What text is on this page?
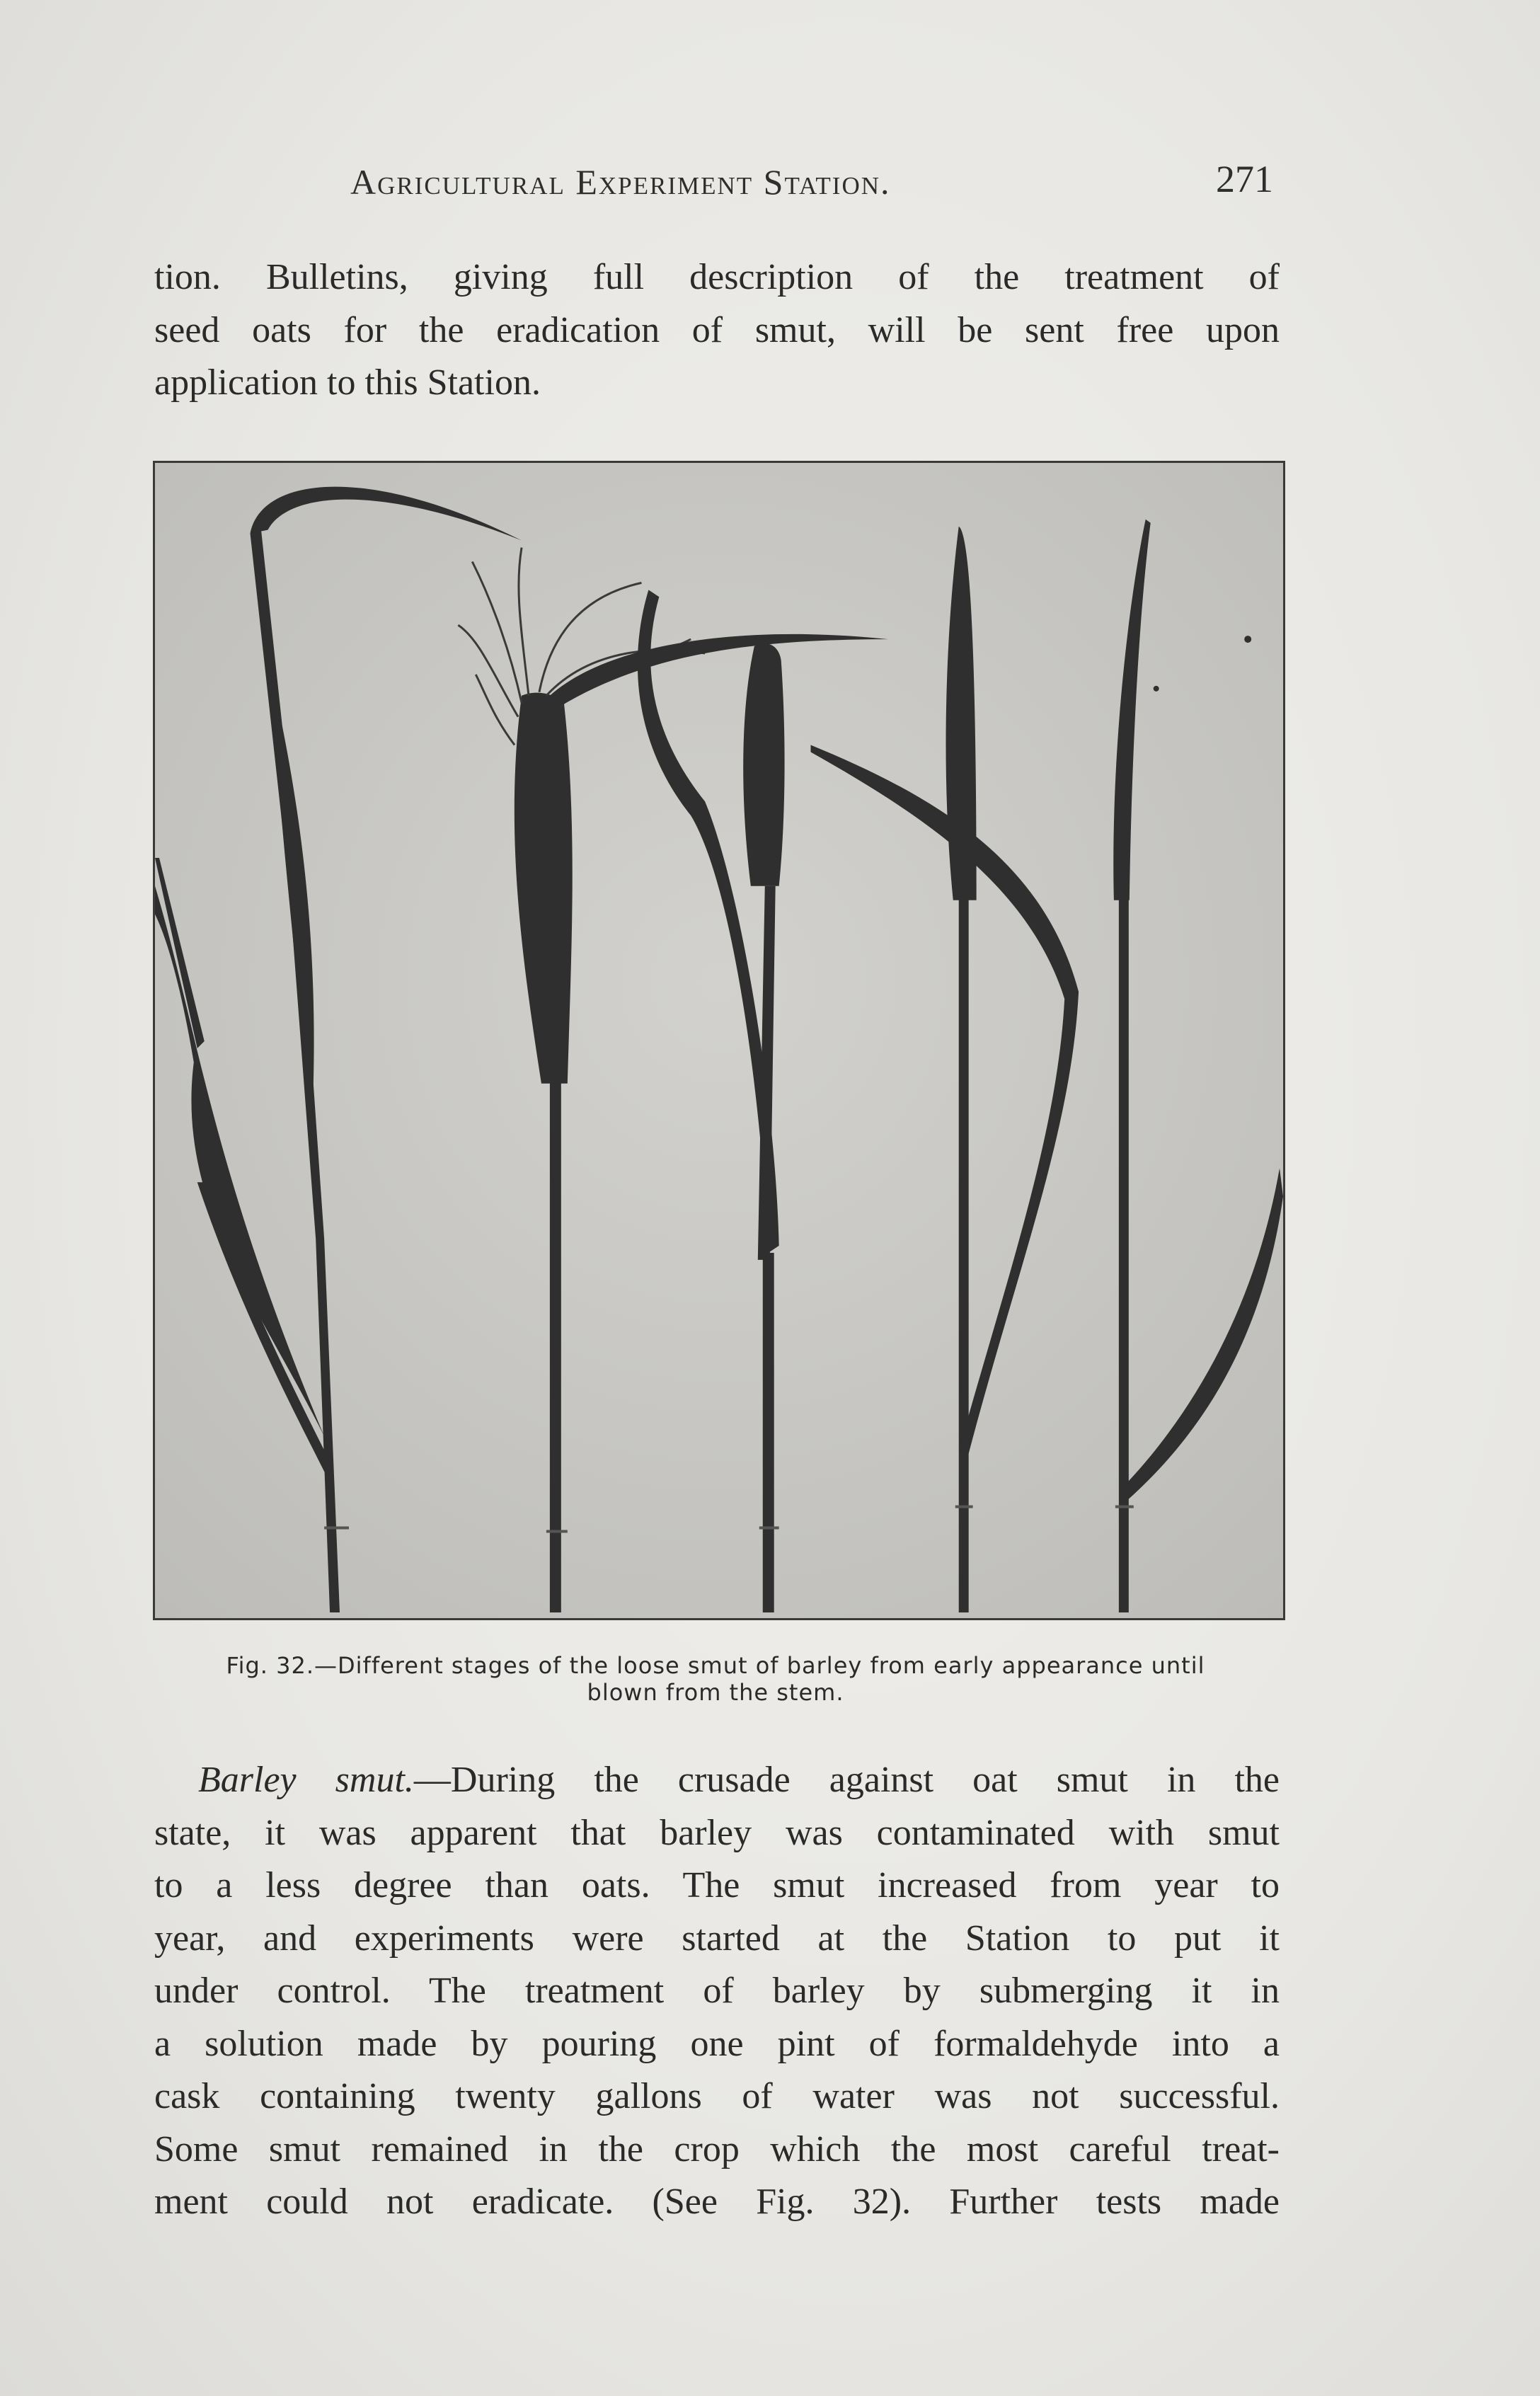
Agricultural Experiment Station.	271
tion. Bulletins, giving full description of the treatment of
seed oats for the eradication of smut, will be sent free upon
application to this Station.
Fig. 32.—Different stages of the loose smut of barley from early appearance until
blown from the stem.
Barley smut.—During the crusade against oat smut in the
state, it was apparent that barley was contaminated with smut
to a less degree than oats. The smut increased from year to
year, and experiments were started at the Station to put it
under control. The treatment of barley by submerging it in
a solution made by pouring one pint of formaldehyde into a
cask containing twenty gallons of water was not successful.
Some smut remained in the crop which the most careful treat-
ment could not eradicate. (See Fig. 32). Further tests made
